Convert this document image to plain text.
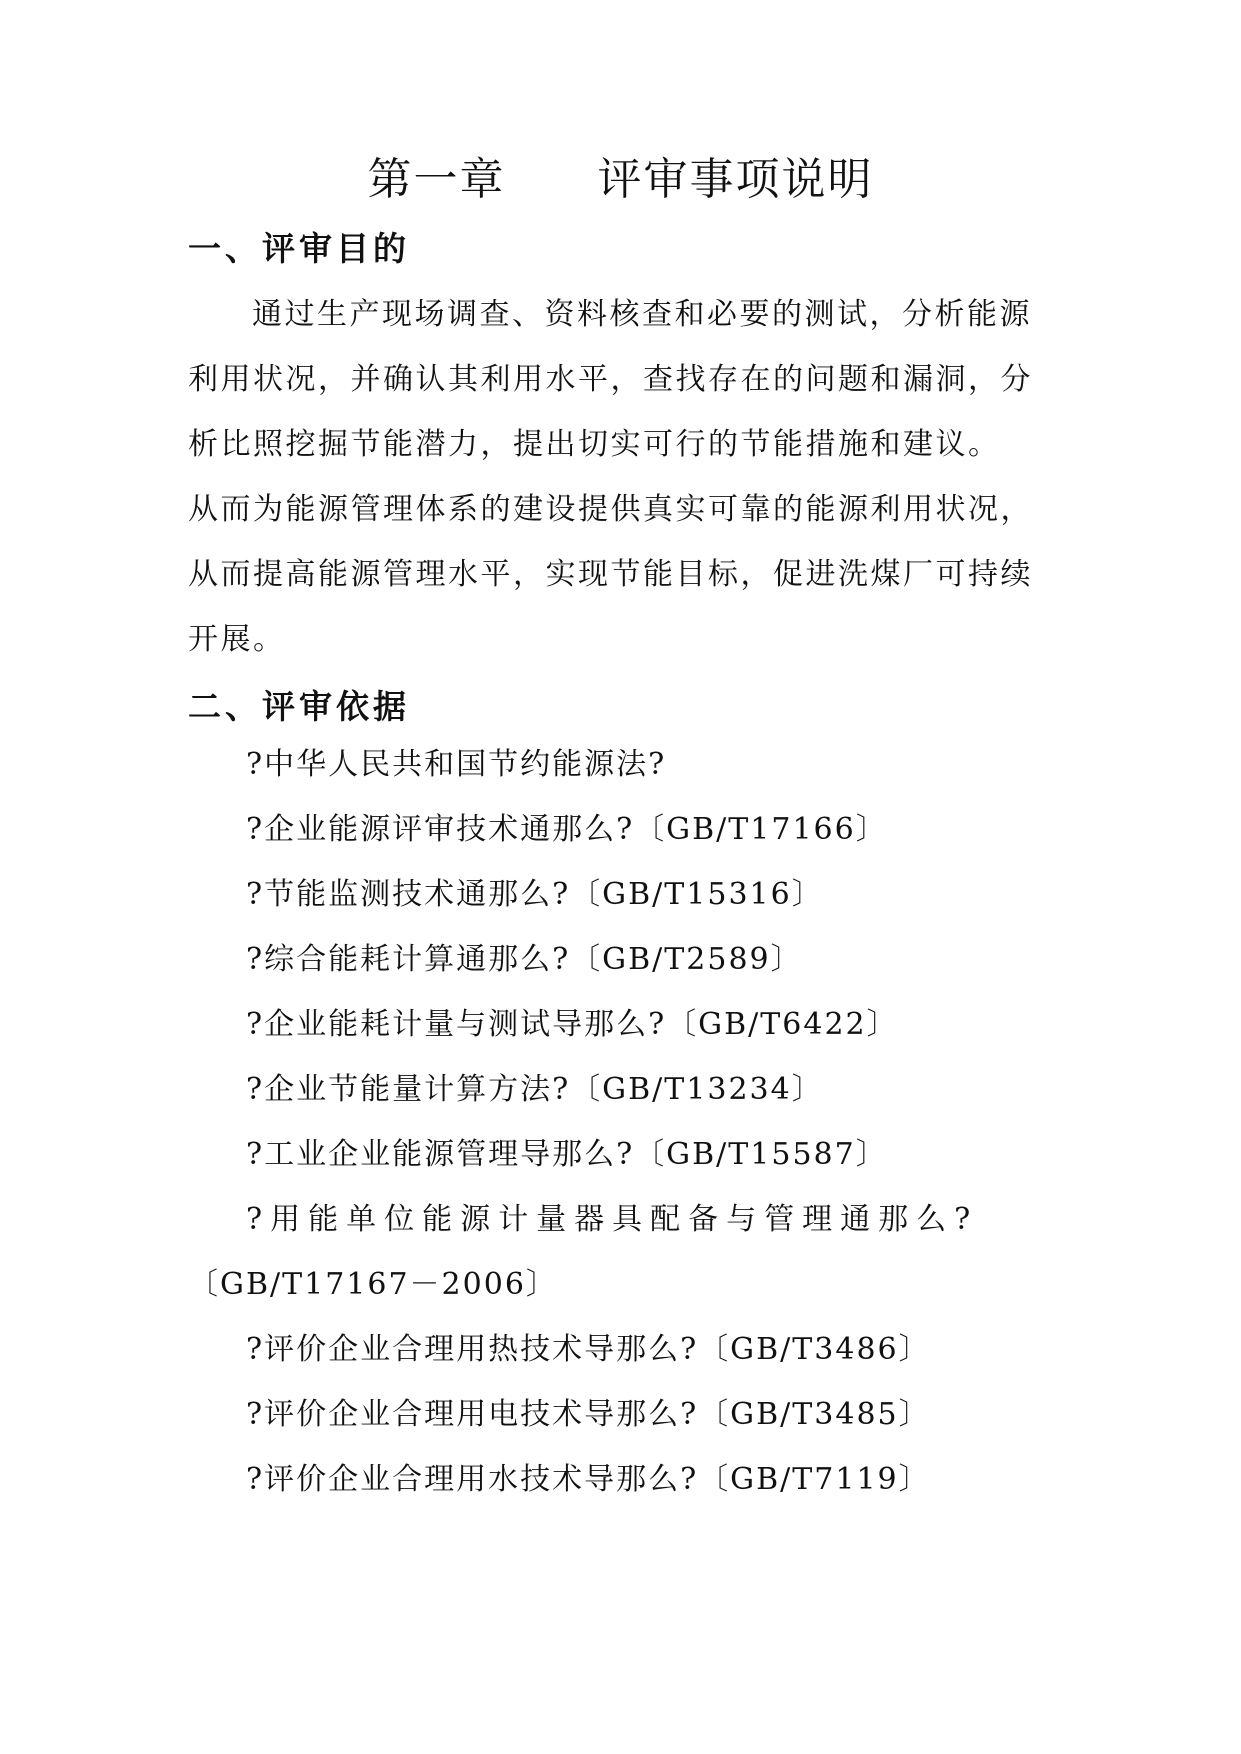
第一章　　评审事项说明
一、评审目的

通过生产现场调查、资料核查和必要的测试，分析能源

利用状况，并确认其利用水平，查找存在的问题和漏洞，分

析比照挖掘节能潜力，提出切实可行的节能措施和建议。

从而为能源管理体系的建设提供真实可靠的能源利用状况，

从而提高能源管理水平，实现节能目标，促进洗煤厂可持续

开展。

二、评审依据

?中华人民共和国节约能源法?

?企业能源评审技术通那么?〔GB/T17166〕

?节能监测技术通那么?〔GB/T15316〕

?综合能耗计算通那么?〔GB/T2589〕

?企业能耗计量与测试导那么?〔GB/T6422〕

?企业节能量计算方法?〔GB/T13234〕

?工业企业能源管理导那么?〔GB/T15587〕

?用能单位能源计量器具配备与管理通那么?

〔GB/T17167－2006〕

?评价企业合理用热技术导那么?〔GB/T3486〕

?评价企业合理用电技术导那么?〔GB/T3485〕

?评价企业合理用水技术导那么?〔GB/T7119〕
